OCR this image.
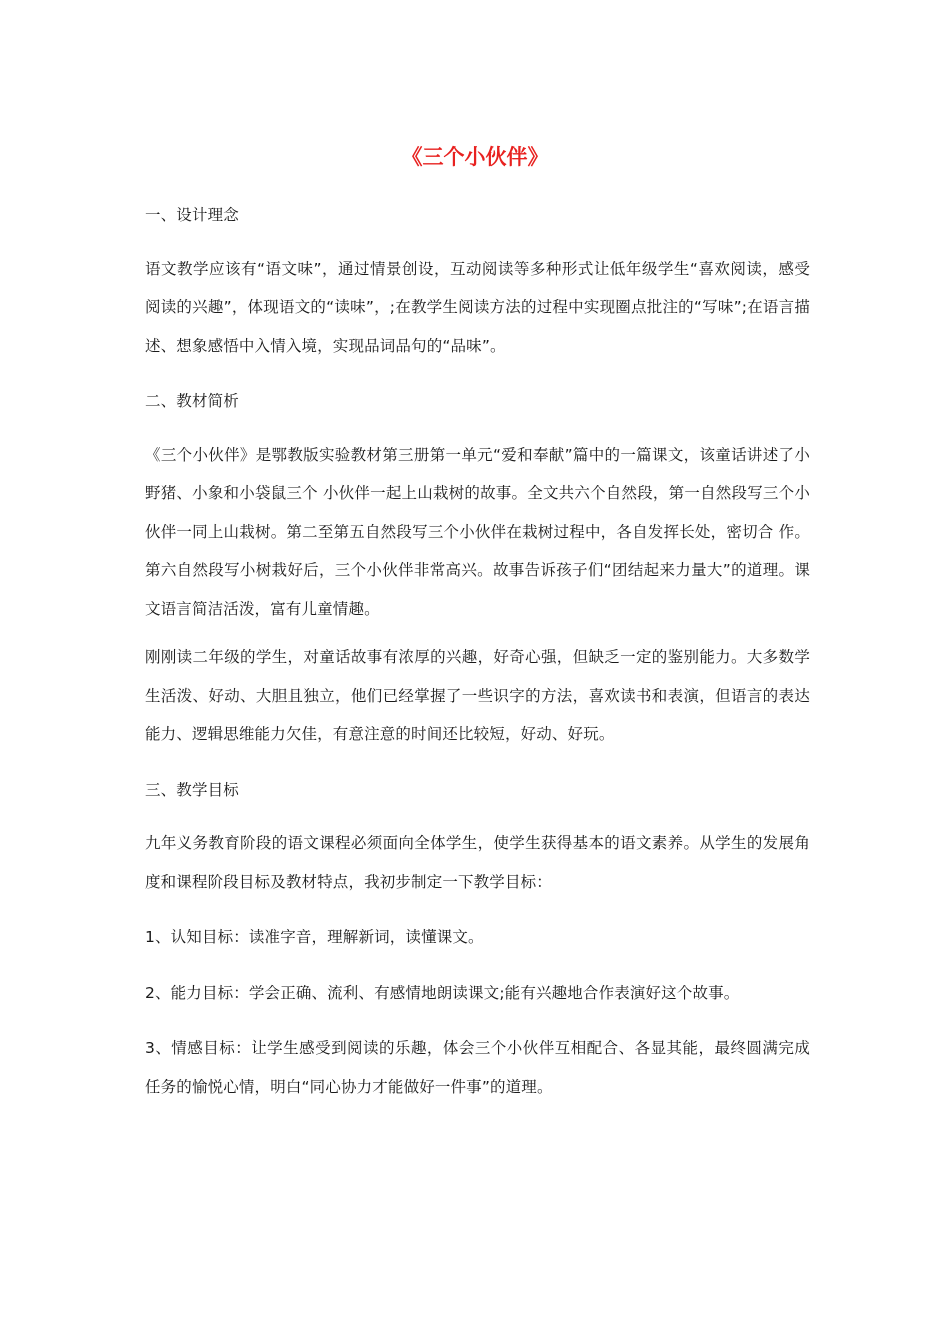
《三个小伙伴》

一、设计理念

语文教学应该有“语文味”，通过情景创设，互动阅读等多种形式让低年级学生“喜欢阅读，感受阅读的兴趣”，体现语文的“读味”，;在教学生阅读方法的过程中实现圈点批注的“写味”;在语言描述、想象感悟中入情入境，实现品词品句的“品味”。

二、教材简析

《三个小伙伴》是鄂教版实验教材第三册第一单元“爱和奉献”篇中的一篇课文，该童话讲述了小野猪、小象和小袋鼠三个 小伙伴一起上山栽树的故事。全文共六个自然段，第一自然段写三个小伙伴一同上山栽树。第二至第五自然段写三个小伙伴在栽树过程中，各自发挥长处，密切合 作。第六自然段写小树栽好后，三个小伙伴非常高兴。故事告诉孩子们“团结起来力量大”的道理。课文语言简洁活泼，富有儿童情趣。

刚刚读二年级的学生，对童话故事有浓厚的兴趣，好奇心强，但缺乏一定的鉴别能力。大多数学生活泼、好动、大胆且独立，他们已经掌握了一些识字的方法，喜欢读书和表演，但语言的表达能力、逻辑思维能力欠佳，有意注意的时间还比较短，好动、好玩。

三、教学目标

九年义务教育阶段的语文课程必须面向全体学生，使学生获得基本的语文素养。从学生的发展角度和课程阶段目标及教材特点，我初步制定一下教学目标：

1、认知目标：读准字音，理解新词，读懂课文。

2、能力目标：学会正确、流利、有感情地朗读课文;能有兴趣地合作表演好这个故事。

3、情感目标：让学生感受到阅读的乐趣，体会三个小伙伴互相配合、各显其能，最终圆满完成任务的愉悦心情，明白“同心协力才能做好一件事”的道理。
